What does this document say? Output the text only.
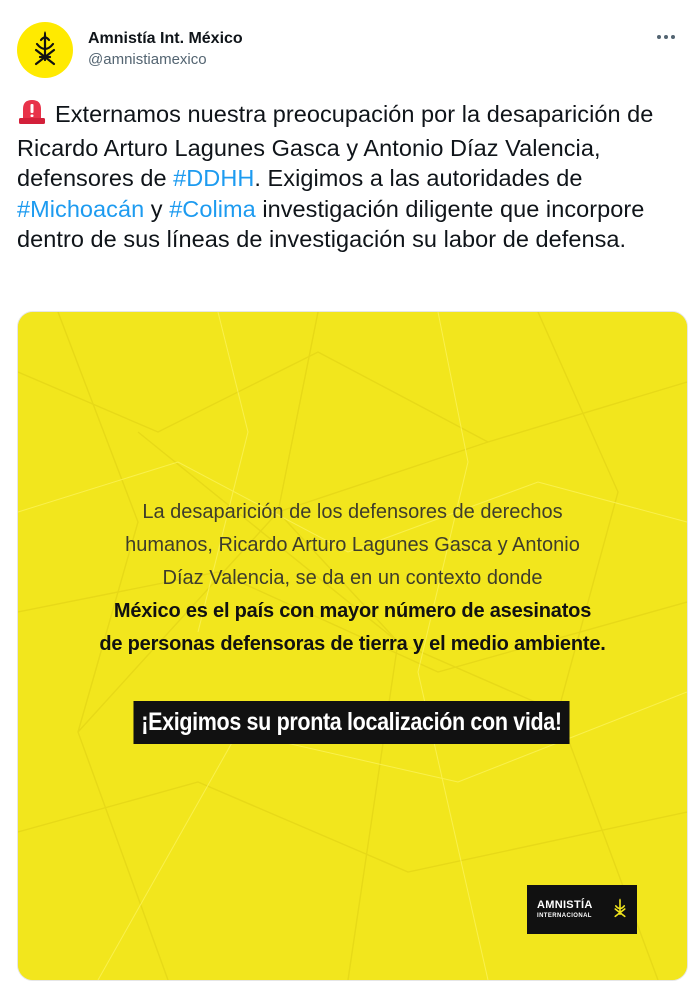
Amnistía Int. México
@amnistiamexico
Externamos nuestra preocupación por la desaparición de Ricardo Arturo Lagunes Gasca y Antonio Díaz Valencia, defensores de #DDHH. Exigimos a las autoridades de #Michoacán y #Colima investigación diligente que incorpore dentro de sus líneas de investigación su labor de defensa.
La desaparición de los defensores de derechos
humanos, Ricardo Arturo Lagunes Gasca y Antonio
Díaz Valencia, se da en un contexto donde
México es el país con mayor número de asesinatos
de personas defensoras de tierra y el medio ambiente.
¡Exigimos su pronta localización con vida!
AMNISTÍA
INTERNACIONAL
